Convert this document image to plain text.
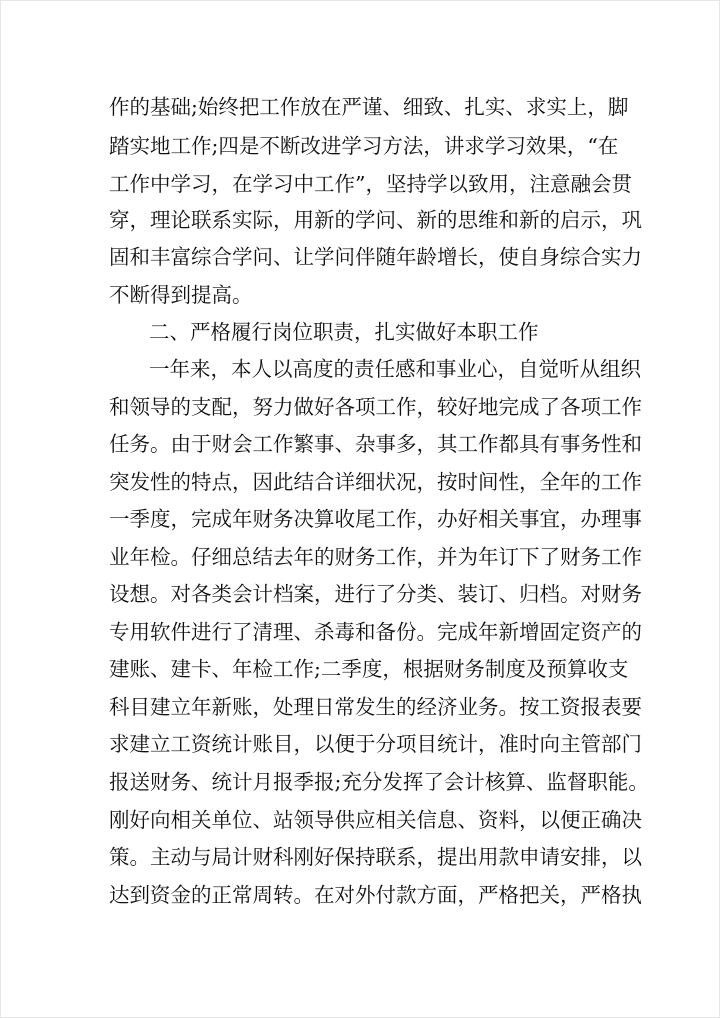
作的基础;始终把工作放在严谨、细致、扎实、求实上，脚
踏实地工作;四是不断改进学习方法，讲求学习效果，“在
工作中学习，在学习中工作”，坚持学以致用，注意融会贯
穿，理论联系实际，用新的学问、新的思维和新的启示，巩
固和丰富综合学问、让学问伴随年龄增长，使自身综合实力
不断得到提高。
二、严格履行岗位职责，扎实做好本职工作
一年来，本人以高度的责任感和事业心，自觉听从组织
和领导的支配，努力做好各项工作，较好地完成了各项工作
任务。由于财会工作繁事、杂事多，其工作都具有事务性和
突发性的特点，因此结合详细状况，按时间性，全年的工作
一季度，完成年财务决算收尾工作，办好相关事宜，办理事
业年检。仔细总结去年的财务工作，并为年订下了财务工作
设想。对各类会计档案，进行了分类、装订、归档。对财务
专用软件进行了清理、杀毒和备份。完成年新增固定资产的
建账、建卡、年检工作;二季度，根据财务制度及预算收支
科目建立年新账，处理日常发生的经济业务。按工资报表要
求建立工资统计账目，以便于分项目统计，准时向主管部门
报送财务、统计月报季报;充分发挥了会计核算、监督职能。
刚好向相关单位、站领导供应相关信息、资料，以便正确决
策。主动与局计财科刚好保持联系，提出用款申请安排，以
达到资金的正常周转。在对外付款方面，严格把关，严格执
